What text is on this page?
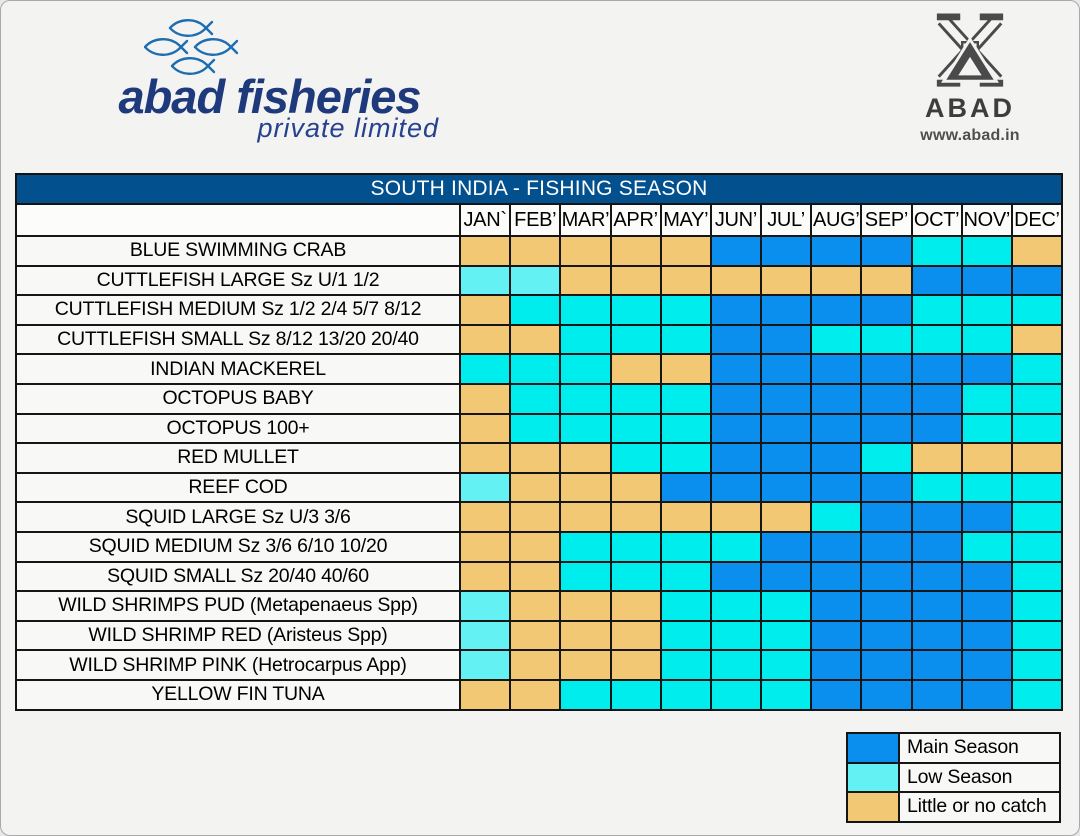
abad fisheries
private limited
ABAD
www.abad.in
SOUTH INDIA - FISHING SEASON
JAN` FEB’ MAR’ APR’ MAY’ JUN’ JUL’ AUG’ SEP’ OCT’ NOV’ DEC’
BLUE SWIMMING CRAB
CUTTLEFISH LARGE Sz U/1 1/2
CUTTLEFISH MEDIUM Sz 1/2 2/4 5/7 8/12
CUTTLEFISH SMALL Sz 8/12 13/20 20/40
INDIAN MACKEREL
OCTOPUS BABY
OCTOPUS 100+
RED MULLET
REEF COD
SQUID LARGE Sz U/3 3/6
SQUID MEDIUM Sz 3/6 6/10 10/20
SQUID SMALL Sz 20/40 40/60
WILD SHRIMPS PUD (Metapenaeus Spp)
WILD SHRIMP RED (Aristeus Spp)
WILD SHRIMP PINK (Hetrocarpus App)
YELLOW FIN TUNA
Main Season
Low Season
Little or no catch
